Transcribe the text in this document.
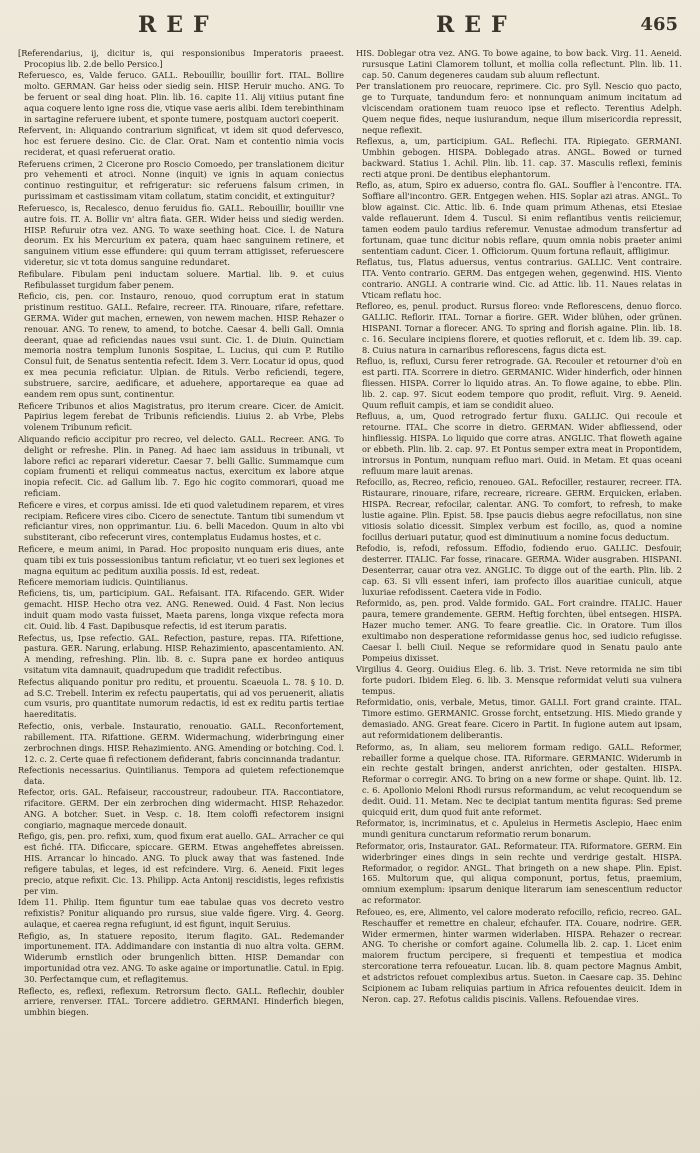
REF	REF	465

[Referendarius, ij, dicitur is, qui responsionibus Imperatoris praeest. Procopius lib. 2.de bello Persico.]

Referuesco, es, Valde feruco. GALL. Rebouillir, bouillir fort. ITAL. Bollire molto. GERMAN. Gar heiss oder siedig sein. HISP. Heruir mucho. ANG. To be feruent or seal ding hoat. Plin. lib. 16. capite 11. Alij vitiius putant fine aqua coquere lento igne ross die, vtique vase aeris alibi. Idem terebinthinam in sartagine referuere iubent, et sponte tumere, postquam auctori coeperit.

Refervent, in: Aliquando contrarium significat, vt idem sit quod defervesco, hoc est feruere desino. Cic. de Clar. Orat. Nam et contentio nimia vocis reciderat, et quasi referuerat oratio.

Referuens crimen, 2 Cicerone pro Roscio Comoedo, per translationem dicitur pro vehementi et atroci. Nonne (inquit) ve ignis in aquam coniectus continuo restinguitur, et refrigeratur: sic referuens falsum crimen, in purissimam et castissimam vitam collatum, statim concidit, et extinguitur?

Referuesco, is, Recalesco, denuo feruidus fio. GALL. Rebouillir, bouillir vne autre fois. IT. A. Bollir vn' altra fiata. GER. Wider heiss und siedig werden. HISP. Refuruir otra vez. ANG. To waxe seething hoat. Cice. l. de Natura deorum. Ex his Mercurium ex patera, quam haec sanguinem retinere, et sanguinem vitium esse effundere: qui quum terram attigisset, referuescere videretur, sic vt tota domus sanguine redundaret.

Refibulare. Fibulam peni inductam soluere. Martial. lib. 9. et cuius Refibulasset turgidum faber penem.

Reficio, cis, pen. cor. Instauro, renouo, quod corruptum erat in statum pristinum restituo. GALL. Refaire, recreer. ITA. Rinouare, rifare, refettare. GERMA. Wider gut machen, ernewen, von newem machen. HISP. Rehazer o renouar. ANG. To renew, to amend, to botche. Caesar 4. belli Gall. Omnia deerant, quae ad reficiendas naues vsui sunt. Cic. 1. de Diuin. Quinctiam memoria nostra templum Iunonis Sospitae, L. Lucius, qui cum P. Rutilio Consul fuit, de Senatus sententia refecit. Idem 3. Verr. Locatur id opus, quod ex mea pecunia reficiatur. Ulpian. de Rituls. Verbo reficiendi, tegere, substruere, sarcire, aedificare, et aduehere, apportareque ea quae ad eandem rem opus sunt, continentur.

Reficere Tribunos et alios Magistratus, pro iterum creare. Cicer. de Amicit. Papirius legem ferebat de Tribunis reficiendis. Liuius 2. ab Vrbe, Plebs volenem Tribunum reficit.

Aliquando reficio accipitur pro recreo, vel delecto. GALL. Recreer. ANG. To delight or refreshe. Plin. in Paneg. Ad haec iam assiduus in tribunali, vt labore refici ac reparari videretur. Caesar 7. belli Gallic. Summamque cum copiam frumenti et reliqui commeatus nactus, exercitum ex labore atque inopia refecit. Cic. ad Gallum lib. 7. Ego hic cogito commorari, quoad me reficiam.

Reficere e vires, et corpus amissi. Ide eti quod valetudinem reparem, et vires recipiam. Reficere vires cibo. Cicero de senectute. Tantum tibi sumendum vt reficiantur vires, non opprimantur. Liu. 6. belli Macedon. Quum in alto vbi substiterant, cibo refecerunt vires, contemplatus Eudamus hostes, et c.

Reficere, e meum animi, in Parad. Hoc proposito nunquam eris diues, ante quam tibi ex tuis possessionibus tantum reficiatur, vt eo tueri sex legiones et magna equitum ac peditum auxilia possis. Id est, redeat.

Reficere memoriam iudicis. Quintilianus.

Reficiens, tis, um, participium. GAL. Refaisant. ITA. Rifacendo. GER. Wider gemacht. HISP. Hecho otra vez. ANG. Renewed. Ouid. 4 Fast. Non lecius induit quam modo vasta fuisset, Maeta parens, longa vixque refecta mora cit. Ouid. lib. 4 Fast. Dapibusque refectis, id est iterum paratis.

Refectus, us, Ipse refectio. GAL. Refection, pasture, repas. ITA. Rifettione, pastura. GER. Narung, erlabung. HISP. Rehazimiento, apascentamiento. AN. A mending, refreshing. Plin. lib. 8. c. Supra pane ex hordeo antiquus vsitatum vita damnauit, quadrupedum que tradidit refectibus.

Refectus aliquando ponitur pro reditu, et prouentu. Scaeuola L. 78. § 10. D. ad S.C. Trebell. Interim ex refectu paupertatis, qui ad vos peruenerit, aliatis cum vsuris, pro quantitate numorum redactis, id est ex reditu partis tertiae haereditatis.

Refectio, onis, verbale. Instauratio, renouatio. GALL. Reconfortement, rabillement. ITA. Rifattione. GERM. Widermachung, widerbringung einer zerbrochnen dings. HISP. Rehazimiento. ANG. Amending or botching. Cod. l. 12. c. 2. Certe quae fi refectionem defiderant, fabris concinnanda tradantur.

Refectionis necessarius. Quintilianus. Tempora ad quietem refectionemque data.

Refector, oris. GAL. Refaiseur, raccoustreur, radoubeur. ITA. Raccontiatore, rifacitore. GERM. Der ein zerbrochen ding widermacht. HISP. Rehazedor. ANG. A botcher. Suet. in Vesp. c. 18. Item coloffi refectorem insigni congiario, magnaque mercede donauit.

Refigo, gis, pen. pro. refixi, xum, quod fixum erat auello. GAL. Arracher ce qui est fiché. ITA. Dificcare, spiccare. GERM. Etwas angeheffetes abreissen. HIS. Arrancar lo hincado. ANG. To pluck away that was fastened. Inde refigere tabulas, et leges, id est refcindere. Virg. 6. Aeneid. Fixit leges precio, atque refixit. Cic. 13. Philipp. Acta Antonij rescidistis, leges refixistis per vim.

Idem 11. Philip. Item figuntur tum eae tabulae quas vos decreto vestro refixistis? Ponitur aliquando pro rursus, siue valde figere. Virg. 4. Georg. aulaque, et caerea regna refugiunt, id est figunt, inquit Seruius.

Refigio, as, In statuere reposito, iterum flagito. GAL. Redemander importunement. ITA. Addimandare con instantia di nuo altra volta. GERM. Widerumb ernstlich oder brungenlich bitten. HISP. Demandar con importunidad otra vez. ANG. To aske againe or importunatlie. Catul. in Epig. 30. Perfectamque cum, et reflagitemus.

Reflecto, es, reflexi, reflexum. Retrorsum flecto. GALL. Reflechir, doubler arriere, renverser. ITAL. Torcere addietro. GERMANI. Hinderfich biegen, umbhin biegen.

HIS. Doblegar otra vez. ANG. To bowe againe, to bow back. Virg. 11. Aeneid. rursusque Latini Clamorem tollunt, et mollia colla reflectunt. Plin. lib. 11. cap. 50. Canum degeneres caudam sub aluum reflectunt.

Per translationem pro reuocare, reprimere. Cic. pro Syll. Nescio quo pacto, ge to Turquate, tandundum fero: et nonnunquam animum incitatum ad vlciscendam orationem tuam reuoco ipse et reflecto. Terentius Adelph. Quem neque fides, neque iusiurandum, neque illum misericordia repressit, neque reflexit.

Reflexus, a, um, participium. GAL. Reflechi. ITA. Ripiegato. GERMANI. Umbhin gebogen. HISPA. Doblegado atras. ANGL. Bowed or turned backward. Statius 1. Achil. Plin. lib. 11. cap. 37. Masculis reflexi, feminis recti atque proni. De dentibus elephantorum.

Reflo, as, atum, Spiro ex aduerso, contra flo. GAL. Souffler à l'encontre. ITA. Soffiare all'incontro. GER. Entgegen wehen. HIS. Soplar azi atras. ANGL. To blow against. Cic. Attic. lib. 6. Inde quam primum Athenas, etsi Etesiae valde reflauerunt. Idem 4. Tuscul. Si enim reflantibus ventis reiiciemur, tamen eodem paulo tardius referemur. Venustae admodum transfertur ad fortunam, quae tunc dicitur nobis reflare, quum omnia nobis praeter animi sententiam cadunt. Cicer. 1. Officiorum. Quum fortuna reflauit, affligimur.

Reflatus, tus, Flatus aduersus, ventus contrarius. GALLIC. Vent contraire. ITA. Vento contrario. GERM. Das entgegen wehen, gegenwind. HIS. Viento contrario. ANGLI. A contrarie wind. Cic. ad Attic. lib. 11. Naues relatas in Vticam reflatu hoc.

Refloreo, es, penul. product. Rursus floreo: vnde Reflorescens, denuo florco. GALLIC. Reflorir. ITAL. Tornar a fiorire. GER. Wider blühen, oder grünen. HISPANI. Tornar a florecer. ANG. To spring and florish againe. Plin. lib. 18. c. 16. Seculare incipiens florere, et quoties refloruit, et c. Idem lib. 39. cap. 8. Cuius natura in carnaribus reflorescens, fagus dicta est.

Refluo, is, refluxi, Cursu ferer retrograde. GA. Recouler et retourner d'où en est parti. ITA. Scorrere in dietro. GERMANIC. Wider hinderfich, oder hinnen fliessen. HISPA. Correr lo liquido atras. An. To flowe againe, to ebbe. Plin. lib. 2. cap. 97. Sicut eodem tempore quo prodit, refluit. Virg. 9. Aeneid. Quum refluit campis, et iam se condidit alueo.

Refluus, a, um, Quod retrogrado fertur fluxu. GALLIC. Qui recoule et retourne. ITAL. Che scorre in dietro. GERMAN. Wider abfliessend, oder hinfliessig. HISPA. Lo liquido que corre atras. ANGLIC. That floweth againe or ebbeth. Plin. lib. 2. cap. 97. Et Pontus semper extra meat in Propontidem, introrsus in Pontum, nunquam refluo mari. Ouid. in Metam. Et quas oceani refluum mare lauit arenas.

Refocillo, as, Recreo, reficio, renoueo. GAL. Refociller, restaurer, recreer. ITA. Ristaurare, rinouare, rifare, recreare, ricreare. GERM. Erquicken, erlaben. HISPA. Recrear, refocilar, calentar. ANG. To comfort, to refresh, to make lustie againe. Plin. Epist. 58. Ipse paucis diebus aegre refocillatus, non sine vitiosis solatio dicessit. Simplex verbum est focillo, as, quod a nomine focillus deriuari putatur, quod est diminutiuum a nomine focus deductum.

Refodio, is, refodi, refossum. Effodio, fodiendo eruo. GALLIC. Desfouir, desterrer. ITALIC. Far fosse, rinacare. GERMA. Wider ausgraben. HISPANI. Desenterrar, cauar otra vez. ANGLIC. To digge out of the earth. Plin. lib. 2 cap. 63. Si vlli essent inferi, iam profecto illos auaritiae cuniculi, atque luxuriae refodissent. Caetera vide in Fodio.

Reformido, as, pen. prod. Valde formido. GAL. Fort craindre. ITALIC. Hauer paura, temere grandemente. GERM. Heftig forchten, übel entsegen. HISPA. Hazer mucho temer. ANG. To feare greatlie. Cic. in Oratore. Tum illos exultimabo non desperatione reformidasse genus hoc, sed iudicio refugisse. Caesar l. belli Ciuil. Neque se reformidare quod in Senatu paulo ante Pompeius dixisset.

Virgilius 4. Georg. Ouidius Eleg. 6. lib. 3. Trist. Neve retormida ne sim tibi forte pudori. Ibidem Eleg. 6. lib. 3. Mensque reformidat veluti sua vulnera tempus.

Reformidatio, onis, verbale, Metus, timor. GALLI. Fort grand crainte. ITAL. Timore estimo. GERMANIC. Grosse forcht, entsetzung. HIS. Miedo grande y demasiado. ANG. Great feare. Cicero in Partit. In fugione autem aut ipsam, aut reformidationem deliberantis.

Reformo, as, In aliam, seu meliorem formam redigo. GALL. Reformer, rebailler forme a quelque chose. ITA. Riformare. GERMANIC. Widerumb in ein rechte gestalt bringen, anderst anrichten, oder gestalten. HISPA. Reformar o corregir. ANG. To bring on a new forme or shape. Quint. lib. 12. c. 6. Apollonio Meloni Rhodi rursus reformandum, ac velut recoquendum se dedit. Ouid. 11. Metam. Nec te decipiat tantum mentita figuras: Sed preme quicquid erit, dum quod fuit ante reformet.

Reformator, is, incriminatus, et c. Apuleius in Hermetis Asclepio, Haec enim mundi genitura cunctarum reformatio rerum bonarum.

Reformator, oris, Instaurator. GAL. Reformateur. ITA. Riformatore. GERM. Ein widerbringer eines dings in sein rechte und verdrige gestalt. HISPA. Reformador, o regidor. ANGL. That bringeth on a new shape. Plin. Epist. 165. Multorum que, qui aliqua componunt, portus, fetus, praemium, omnium exemplum: ipsarum denique literarum iam senescentium reductor ac reformator.

Refoueo, es, ere, Alimento, vel calore moderato refocillo, reficio, recreo. GAL. Reschauffer et remettre en chaleur, efchaufer. ITA. Couare, nodrire. GER. Wider ermermen, hinter warmen widerlaben. HISPA. Rehazer o recrear. ANG. To cherishe or comfort againe. Columella lib. 2. cap. 1. Licet enim maiorem fructum percipere, si frequenti et tempestiua et modica stercoratione terra refoueatur. Lucan. lib. 8. quam pectore Magnus Ambit, et adstrictos refouet complexibus artus. Sueton. in Caesare cap. 35. Dehinc Scipionem ac Iubam reliquias partium in Africa refouentes deuicit. Idem in Neron. cap. 27. Refotus calidis piscinis. Vallens. Refouendae vires.
